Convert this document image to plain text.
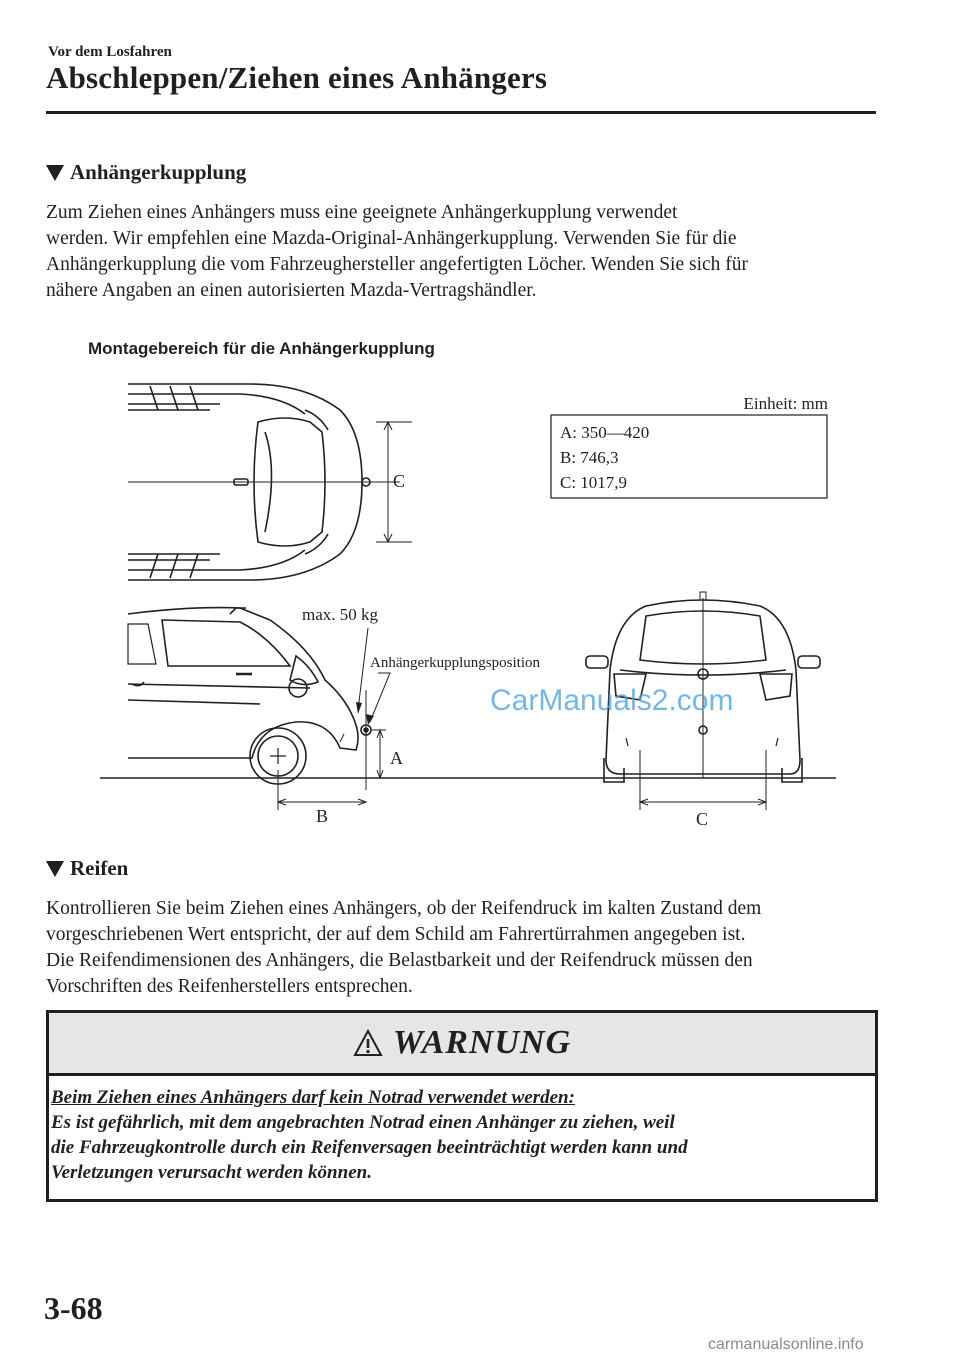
Vor dem Losfahren
Abschleppen/Ziehen eines Anhängers
Anhängerkupplung
Zum Ziehen eines Anhängers muss eine geeignete Anhängerkupplung verwendet
werden. Wir empfehlen eine Mazda-Original-Anhängerkupplung. Verwenden Sie für die
Anhängerkupplung die vom Fahrzeughersteller angefertigten Löcher. Wenden Sie sich für
nähere Angaben an einen autorisierten Mazda-Vertragshändler.
Montagebereich für die Anhängerkupplung
C
Einheit: mm
A: 350—420
B: 746,3
C: 1017,9
max. 50 kg
Anhängerkupplungsposition
A
B	C
CarManuals2.com
Reifen
Kontrollieren Sie beim Ziehen eines Anhängers, ob der Reifendruck im kalten Zustand dem
vorgeschriebenen Wert entspricht, der auf dem Schild am Fahrertürrahmen angegeben ist.
Die Reifendimensionen des Anhängers, die Belastbarkeit und der Reifendruck müssen den
Vorschriften des Reifenherstellers entsprechen.
WARNUNG
Beim Ziehen eines Anhängers darf kein Notrad verwendet werden:
Es ist gefährlich, mit dem angebrachten Notrad einen Anhänger zu ziehen, weil
die Fahrzeugkontrolle durch ein Reifenversagen beeinträchtigt werden kann und
Verletzungen verursacht werden können.
3-68
carmanualsonline.info
